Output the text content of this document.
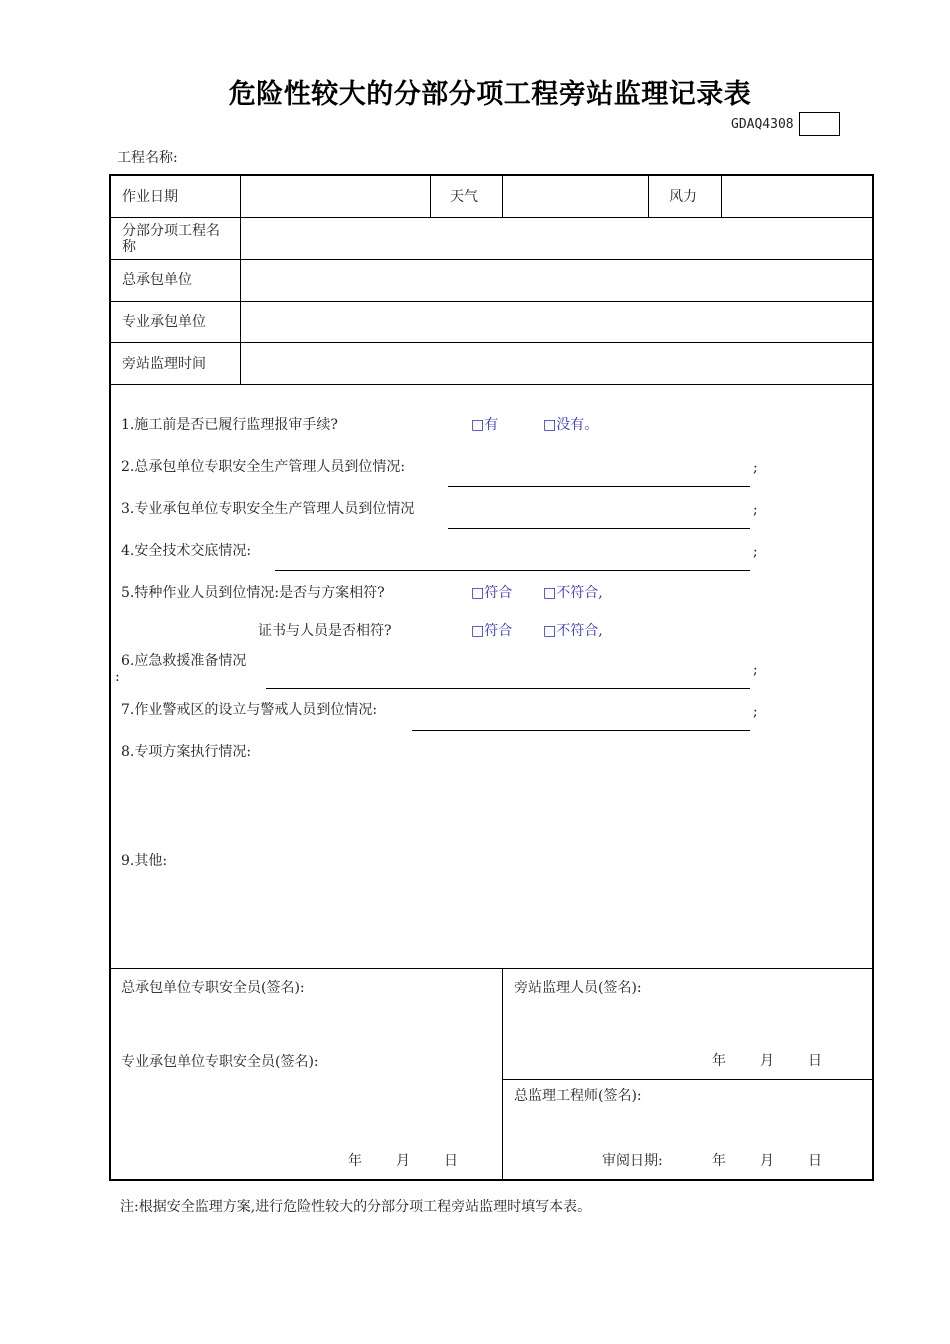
危险性较大的分部分项工程旁站监理记录表
GDAQ4308
工程名称:
作业日期	天气	风力
分部分项工程名称
总承包单位
专业承包单位
旁站监理时间
1.施工前是否已履行监理报审手续?	□有	□没有。
2.总承包单位专职安全生产管理人员到位情况:	;
3.专业承包单位专职安全生产管理人员到位情况	;
4.安全技术交底情况:	;
5.特种作业人员到位情况:是否与方案相符?	□符合 □不符合,
证书与人员是否相符?	□符合 □不符合,
6.应急救援准备情况
:	;
7.作业警戒区的设立与警戒人员到位情况:	;
8.专项方案执行情况:
9.其他:
总承包单位专职安全员(签名):
专业承包单位专职安全员(签名):
年 月 日
旁站监理人员(签名):
年 月 日
总监理工程师(签名):
审阅日期:	年 月 日
注:根据安全监理方案,进行危险性较大的分部分项工程旁站监理时填写本表。
